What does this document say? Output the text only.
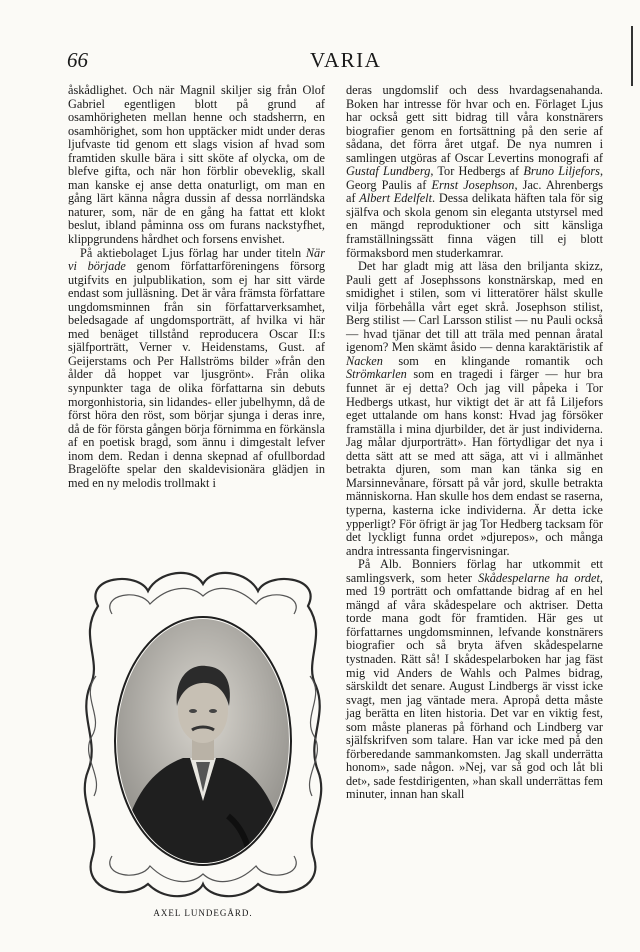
66	VARIA

åskådlighet. Och när Magnil skiljer sig från Olof Gabriel egentligen blott på grund af osamhörigheten mellan henne och stadsherrn, en osamhörighet, som hon upptäcker midt under deras ljufvaste tid genom ett slags vision af hvad som framtiden skulle bära i sitt sköte af olycka, om de blefve gifta, och när hon förblir obeveklig, skall man kanske ej anse detta onaturligt, om man en gång lärt känna några dussin af dessa norrländska naturer, som, när de en gång ha fattat ett klokt beslut, ibland påminna oss om furans nackstyfhet, klippgrundens hårdhet och forsens envishet.

På aktiebolaget Ljus förlag har under titeln När vi började genom författarföreningens försorg utgifvits en julpublikation, som ej har sitt värde endast som julläsning. Det är våra främsta författare ungdomsminnen från sin författarverksamhet, beledsagade af ungdomsporträtt, af hvilka vi här med benäget tillstånd reproducera Oscar II:s själfporträtt, Verner v. Heidenstams, Gust. af Geijerstams och Per Hallströms bilder »från den ålder då hoppet var ljusgrönt». Från olika synpunkter taga de olika författarna sin debuts morgonhistoria, sin lidandes- eller jubelhymn, då de först höra den röst, som börjar sjunga i deras inre, då de för första gången börja förnimma en förkänsla af en poetisk bragd, som ännu i dimgestalt lefver inom dem. Redan i denna skepnad af ofullbordad Bragelöfte spelar den skaldevisionära glädjen in med en ny melodis trollmakt i

deras ungdomslif och dess hvardagsenahanda. Boken har intresse för hvar och en. Förlaget Ljus har också gett sitt bidrag till våra konstnärers biografier genom en fortsättning på den serie af sådana, det förra året utgaf. De nya numren i samlingen utgöras af Oscar Levertins monografi af Gustaf Lundberg, Tor Hedbergs af Bruno Liljefors, Georg Paulis af Ernst Josephson, Jac. Ahrenbergs af Albert Edelfelt. Dessa delikata häften tala för sig själfva och skola genom sin eleganta utstyrsel med en mängd reproduktioner och sitt känsliga framställningssätt finna vägen till ej blott förmaksbord men studerkamrar.

Det har gladt mig att läsa den briljanta skizz, Pauli gett af Josephssons konstnärskap, med en smidighet i stilen, som vi litteratörer hälst skulle vilja förbehålla vårt eget skrå. Josephson stilist, Berg stilist — Carl Larsson stilist — nu Pauli också — hvad tjänar det till att träla med pennan åratal igenom? Men skämt åsido — denna karaktäristik af Nacken som en klingande romantik och Strömkarlen som en tragedi i färger — hur bra funnet är ej detta? Och jag vill påpeka i Tor Hedbergs utkast, hur viktigt det är att få Liljefors eget uttalande om hans konst: Hvad jag försöker framställa i mina djurbilder, det är just individerna. Jag målar djurporträtt». Han förtydligar det nya i detta sätt att se med att säga, att vi i allmänhet betrakta djuren, som man kan tänka sig en Marsinnevånare, försatt på vår jord, skulle betrakta människorna. Han skulle hos dem endast se raserna, typerna, kasterna icke individerna. Är detta icke ypperligt? För öfrigt är jag Tor Hedberg tacksam för det lyckligt funna ordet »djurepos», och många andra intressanta fingervisningar.

På Alb. Bonniers förlag har utkommit ett samlingsverk, som heter Skådespelarne ha ordet, med 19 porträtt och omfattande bidrag af en hel mängd af våra skådespelare och aktriser. Detta torde mana godt för framtiden. Här ges ut författarnes ungdomsminnen, lefvande konstnärers biografier och så bryta äfven skådespelarne tystnaden. Rätt så! I skådespelarboken har jag fäst mig vid Anders de Wahls och Palmes bidrag, särskildt det senare. August Lindbergs är visst icke svagt, men jag väntade mera. Apropå detta måste jag berätta en liten historia. Det var en viktig fest, som måste planeras på förhand och Lindberg var själfskrifven som talare. Han var icke med på den förberedande sammankomsten. Jag skall underrätta honom», sade någon. »Nej, var så god och låt bli det», sade festdirigenten, »han skall underrättas fem minuter, innan han skall

AXEL LUNDEGÅRD.
